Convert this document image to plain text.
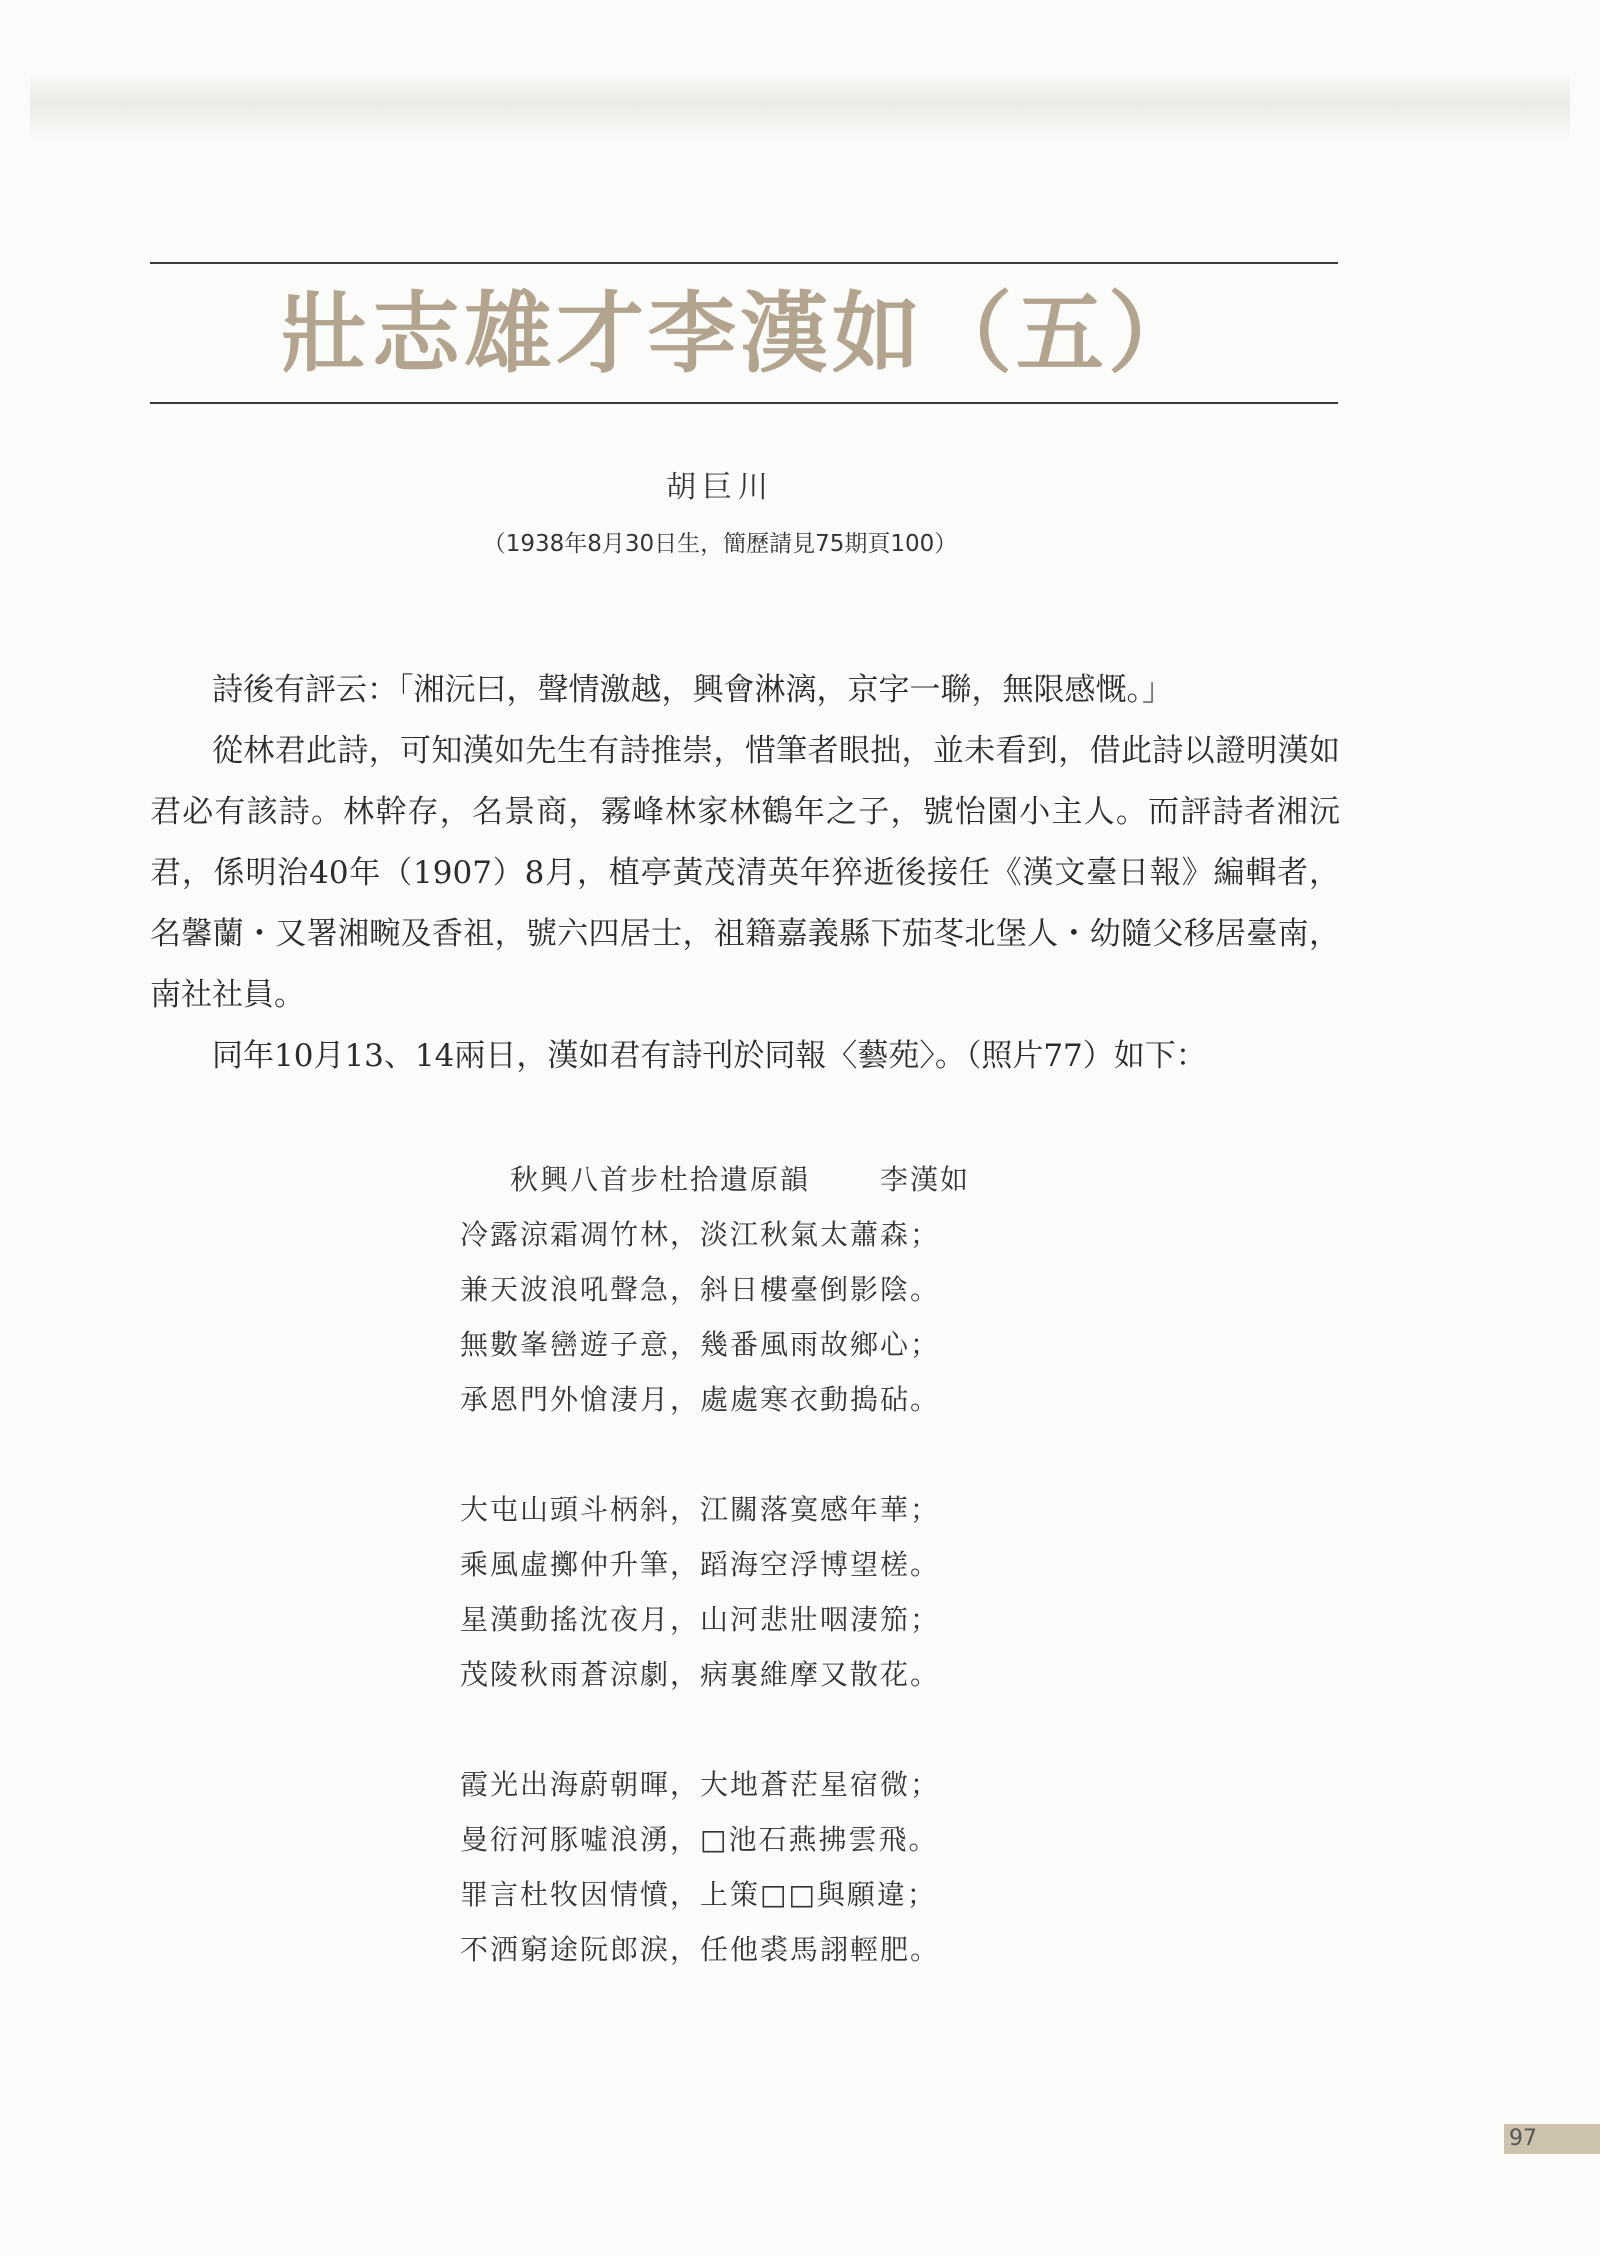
壯志雄才李漢如（五）
胡巨川
（1938年8月30日生，簡歷請見75期頁100）

詩後有評云：「湘沅曰，聲情激越，興會淋漓，京字一聯，無限感慨。」

從林君此詩，可知漢如先生有詩推崇，惜筆者眼拙，並未看到，借此詩以證明漢如君必有該詩。林幹存，名景商，霧峰林家林鶴年之子，號怡園小主人。而評詩者湘沅君，係明治40年（1907）8月，植亭黃茂清英年猝逝後接任《漢文臺日報》編輯者，名馨蘭・又署湘畹及香祖，號六四居士，祖籍嘉義縣下茄苳北堡人・幼隨父移居臺南，南社社員。

同年10月13、14兩日，漢如君有詩刊於同報〈藝苑〉。（照片77）如下：

秋興八首步杜拾遺原韻	李漢如
冷露涼霜凋竹林，淡江秋氣太蕭森；
兼天波浪吼聲急，斜日樓臺倒影陰。
無數峯巒遊子意，幾番風雨故鄉心；
承恩門外愴淒月，處處寒衣動搗砧。
大屯山頭斗柄斜，江關落寞感年華；
乘風虛擲仲升筆，蹈海空浮博望槎。
星漢動搖沈夜月，山河悲壯咽淒笳；
茂陵秋雨蒼涼劇，病裏維摩又散花。
霞光出海蔚朝暉，大地蒼茫星宿微；
曼衍河豚噓浪湧，□池石燕拂雲飛。
罪言杜牧因情憤，上策□□與願違；
不洒窮途阮郎淚，任他裘馬詡輕肥。
97
